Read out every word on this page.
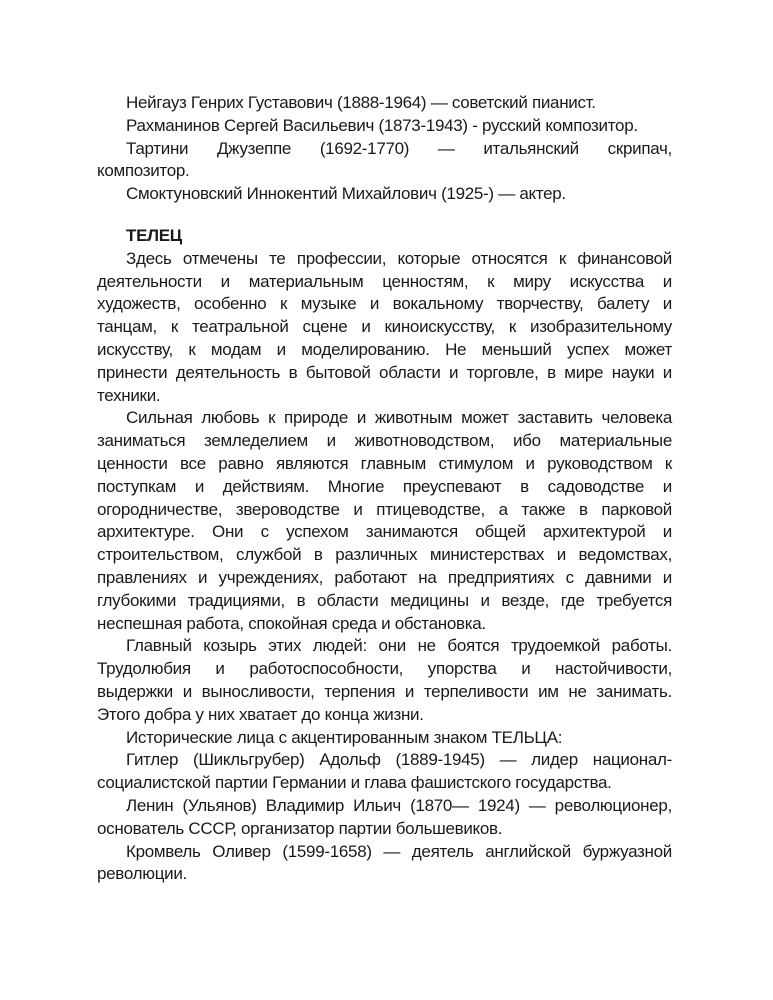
Нейгауз Генрих Густавович (1888-1964) — советский пианист.
Рахманинов Сергей Васильевич (1873-1943) - русский композитор.
Тартини Джузеппе (1692-1770) — итальянский скрипач,
композитор.
Смоктуновский Иннокентий Михайлович (1925-) — актер.
ТЕЛЕЦ
Здесь отмечены те профессии, которые относятся к финансовой
деятельности и материальным ценностям, к миру искусства и
художеств, особенно к музыке и вокальному творчеству, балету и
танцам, к театральной сцене и киноискусству, к изобразительному
искусству, к модам и моделированию. Не меньший успех может
принести деятельность в бытовой области и торговле, в мире науки и
техники.
Сильная любовь к природе и животным может заставить человека
заниматься земледелием и животноводством, ибо материальные
ценности все равно являются главным стимулом и руководством к
поступкам и действиям. Многие преуспевают в садоводстве и
огородничестве, звероводстве и птицеводстве, а также в парковой
архитектуре. Они с успехом занимаются общей архитектурой и
строительством, службой в различных министерствах и ведомствах,
правлениях и учреждениях, работают на предприятиях с давними и
глубокими традициями, в области медицины и везде, где требуется
неспешная работа, спокойная среда и обстановка.
Главный козырь этих людей: они не боятся трудоемкой работы.
Трудолюбия и работоспособности, упорства и настойчивости,
выдержки и выносливости, терпения и терпеливости им не занимать.
Этого добра у них хватает до конца жизни.
Исторические лица с акцентированным знаком ТЕЛЬЦА:
Гитлер (Шикльгрубер) Адольф (1889-1945) — лидер национал-
социалистской партии Германии и глава фашистского государства.
Ленин (Ульянов) Владимир Ильич (1870— 1924) — революционер,
основатель СССР, организатор партии большевиков.
Кромвель Оливер (1599-1658) — деятель английской буржуазной
революции.
